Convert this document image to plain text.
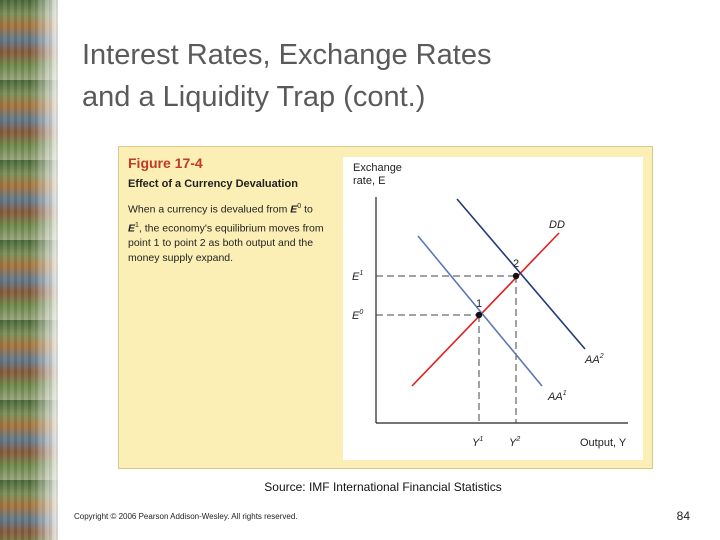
Interest Rates, Exchange Rates
and a Liquidity Trap (cont.)
Figure 17-4
Effect of a Currency Devaluation
When a currency is devalued from $E^0$ to $E^1$, the economy's equilibrium moves from point 1 to point 2 as both output and the money supply expand.
Exchange
rate, E
Output, Y
DD
$AA^1$
$AA^2$
1
2
$E^1$
$E^0$
$Y^1$ $Y^2$
Source: IMF International Financial Statistics
Copyright © 2006 Pearson Addison-Wesley. All rights reserved.	84
